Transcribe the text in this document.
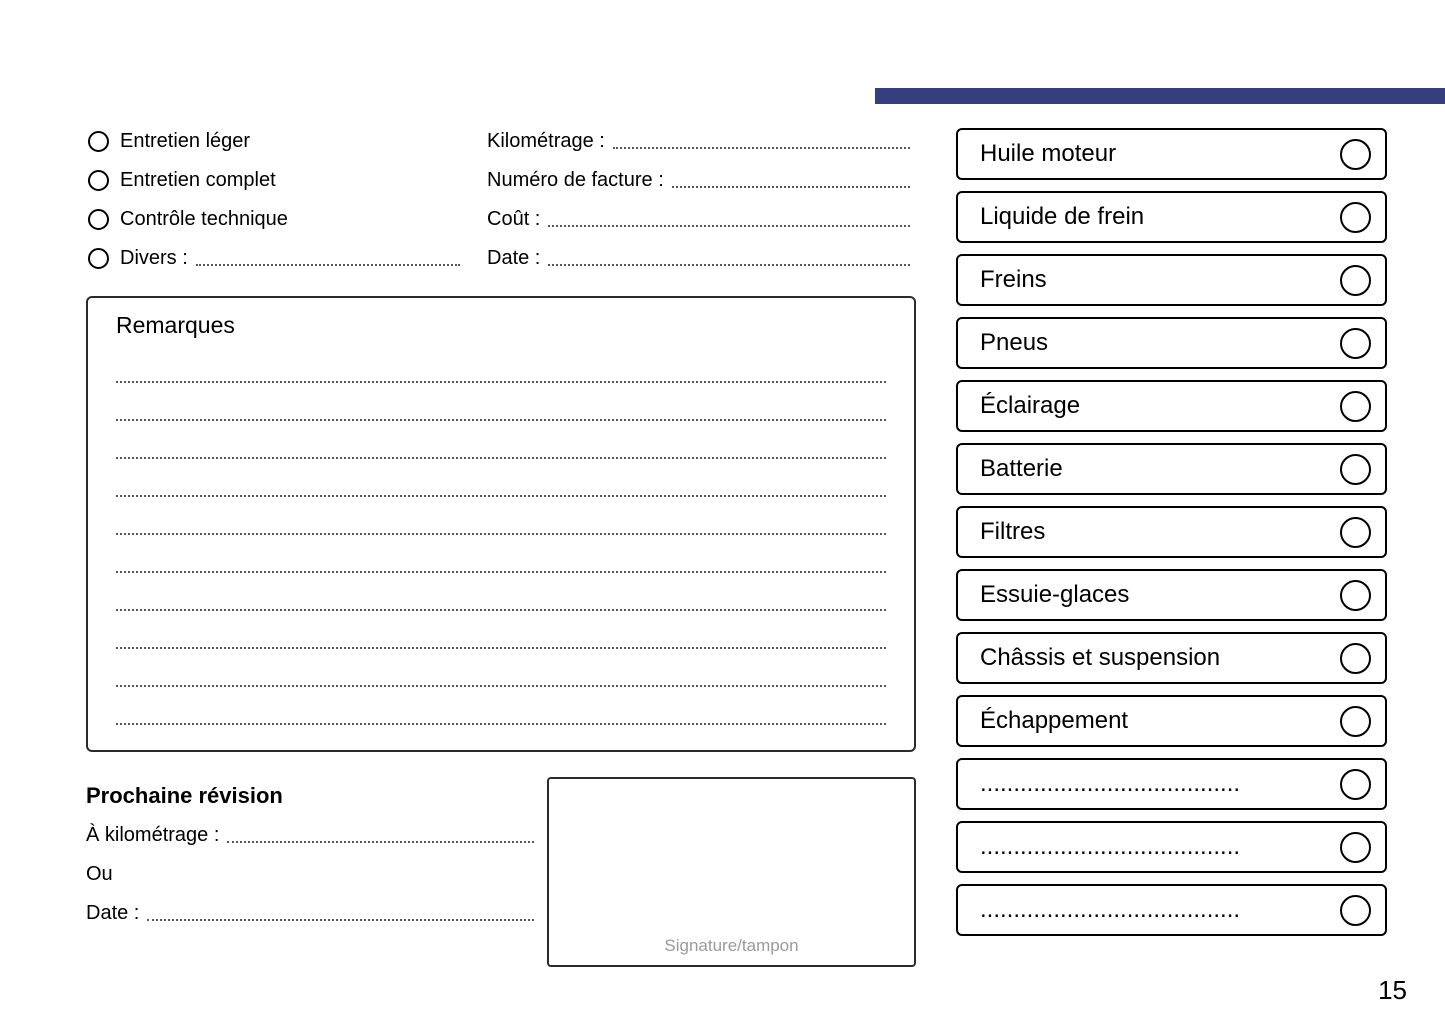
Entretien léger
Entretien complet
Contrôle technique
Divers :
Kilométrage :
Numéro de facture :
Coût :
Date :
Remarques
Prochaine révision
À kilométrage :
Ou
Date :
Signature/tampon
Huile moteur
Liquide de frein
Freins
Pneus
Éclairage
Batterie
Filtres
Essuie-glaces
Châssis et suspension
Échappement
.......................................
.......................................
.......................................
15
